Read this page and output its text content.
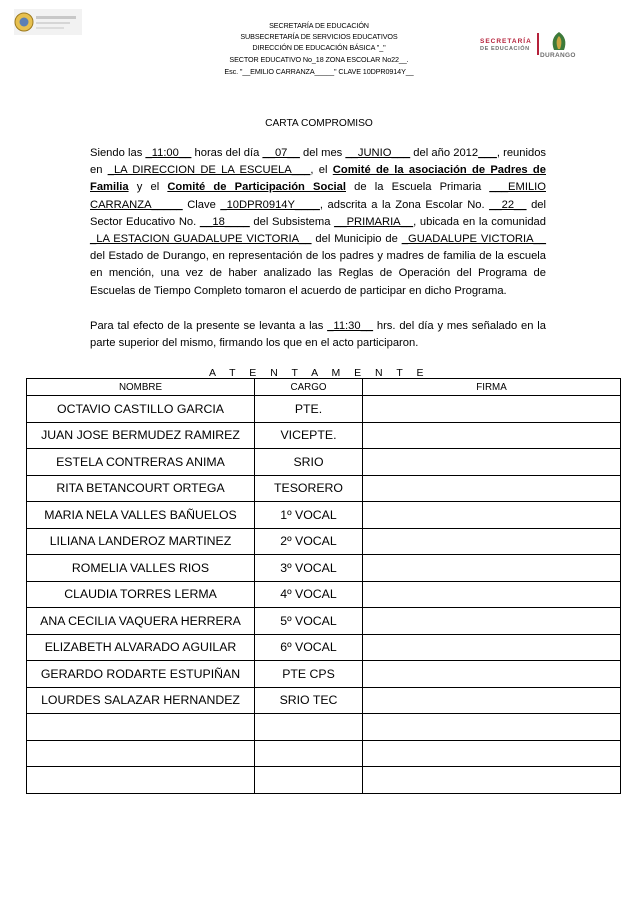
SECRETARÍA DE EDUCACIÓN
SUBSECRETARÍA DE SERVICIOS EDUCATIVOS
DIRECCIÓN DE EDUCACIÓN BÁSICA "_"
SECTOR EDUCATIVO No_18 ZONA ESCOLAR No22__.
Esc. "__EMILIO CARRANZA_____" CLAVE 10DPR0914Y__
SECRETARÍA
DE EDUCACIÓN
DURANGO
CARTA COMPROMISO
Siendo las _11:00__ horas del día __07__ del mes __JUNIO___ del año 2012___, reunidos en _LA DIRECCION DE LA ESCUELA___, el Comité de la asociación de Padres de Familia y el Comité de Participación Social de la Escuela Primaria ___EMILIO CARRANZA_____ Clave _10DPR0914Y____, adscrita a la Zona Escolar No. __22__ del Sector Educativo No. __18____ del Subsistema __PRIMARIA__, ubicada en la comunidad _LA ESTACION GUADALUPE VICTORIA__ del Municipio de _GUADALUPE VICTORIA__ del Estado de Durango, en representación de los padres y madres de familia de la escuela en mención, una vez de haber analizado las Reglas de Operación del Programa de Escuelas de Tiempo Completo tomaron el acuerdo de participar en dicho Programa.
Para tal efecto de la presente se levanta a las _11:30__ hrs. del día y mes señalado en la parte superior del mismo, firmando los que en el acto participaron.
A T E N T A M E N T E
NOMBRE	CARGO	FIRMA
OCTAVIO CASTILLO GARCIA	PTE.	
JUAN JOSE BERMUDEZ RAMIREZ	VICEPTE.	
ESTELA CONTRERAS ANIMA	SRIO	
RITA BETANCOURT ORTEGA	TESORERO	
MARIA NELA VALLES BAÑUELOS	1º VOCAL	
LILIANA LANDEROZ MARTINEZ	2º VOCAL	
ROMELIA VALLES RIOS	3º VOCAL	
CLAUDIA TORRES LERMA	4º VOCAL	
ANA CECILIA VAQUERA HERRERA	5º VOCAL	
ELIZABETH ALVARADO AGUILAR	6º VOCAL	
GERARDO RODARTE ESTUPIÑAN	PTE CPS	
LOURDES SALAZAR HERNANDEZ	SRIO TEC	
